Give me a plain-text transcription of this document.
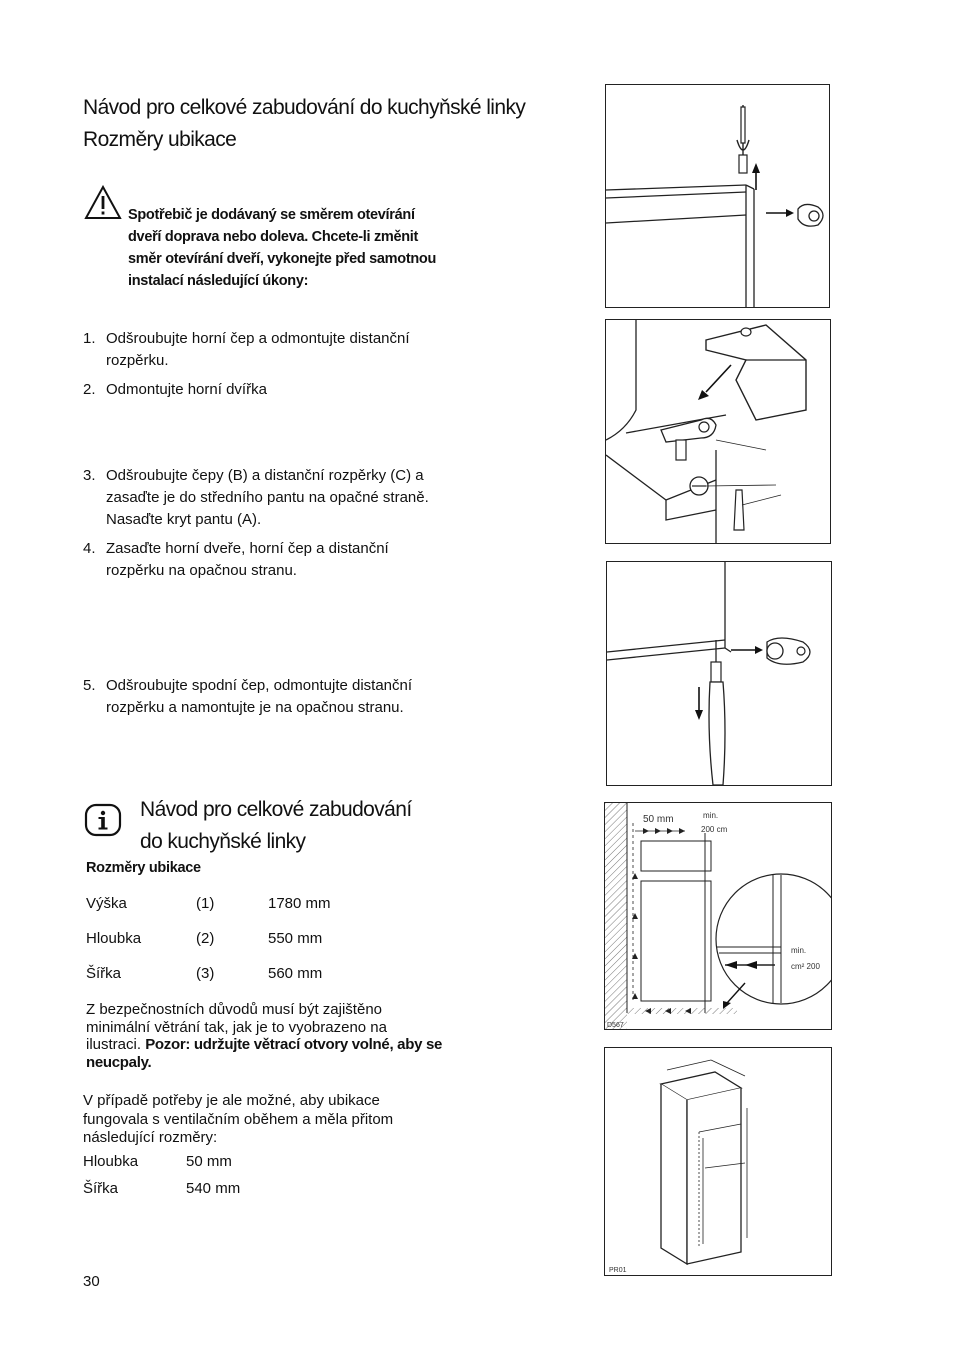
Návod pro celkové zabudování do kuchyňské linky
Rozměry ubikace
Spotřebič je dodávaný se směrem otevírání
dveří doprava nebo doleva. Chcete-li změnit
směr otevírání dveří, vykonejte před samotnou
instalací následující úkony:
1. Odšroubujte horní čep a odmontujte distanční
rozpěrku.
2. Odmontujte horní dvířka
3. Odšroubujte čepy (B) a distanční rozpěrky (C) a
zasaďte je do středního pantu na opačné straně.
Nasaďte kryt pantu (A).
4. Zasaďte horní dveře, horní čep a distanční
rozpěrku na opačnou stranu.
5. Odšroubujte spodní čep, odmontujte distanční
rozpěrku a namontujte je na opačnou stranu.
Návod pro celkové zabudování
do kuchyňské linky
Rozměry ubikace
Výška	(1)	1780 mm
Hloubka	(2)	550 mm
Šířka	(3)	560 mm
Z bezpečnostních důvodů musí být zajištěno
minimální větrání tak, jak je to vyobrazeno na
ilustraci. Pozor: udržujte větrací otvory volné, aby se
neucpaly.
V případě potřeby je ale možné, aby ubikace
fungovala s ventilačním oběhem a měla přitom
následující rozměry:
Hloubka	50 mm
Šířka	540 mm
30
50 mm	min.
200 cm
min.
cm² 200
D567
PR01
